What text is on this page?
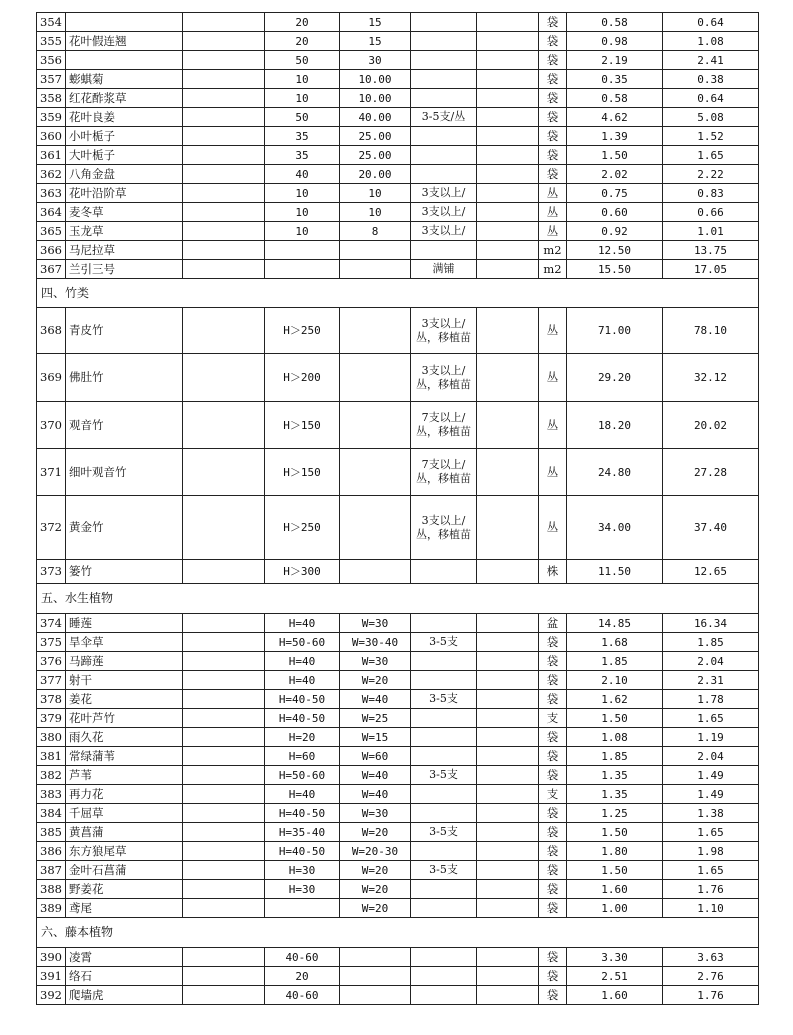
354			20	15			袋	0.58	0.64
355	花叶假连翘		20	15			袋	0.98	1.08
356			50	30			袋	2.19	2.41
357	蟛蜞菊		10	10.00			袋	0.35	0.38
358	红花酢浆草		10	10.00			袋	0.58	0.64
359	花叶良姜		50	40.00	3-5支/丛		袋	4.62	5.08
360	小叶栀子		35	25.00			袋	1.39	1.52
361	大叶栀子		35	25.00			袋	1.50	1.65
362	八角金盘		40	20.00			袋	2.02	2.22
363	花叶沿阶草		10	10	3支以上/		丛	0.75	0.83
364	麦冬草		10	10	3支以上/		丛	0.60	0.66
365	玉龙草		10	8	3支以上/		丛	0.92	1.01
366	马尼拉草						m2	12.50	13.75
367	兰引三号				满铺		m2	15.50	17.05
四、竹类									
368	青皮竹		H＞250		3支以上/丛，移植苗		丛	71.00	78.10
369	佛肚竹		H＞200		3支以上/丛，移植苗		丛	29.20	32.12
370	观音竹		H＞150		7支以上/丛，移植苗		丛	18.20	20.02
371	细叶观音竹		H＞150		7支以上/丛，移植苗		丛	24.80	27.28
372	黄金竹		H＞250		3支以上/丛，移植苗		丛	34.00	37.40
373	篓竹		H＞300				株	11.50	12.65
五、水生植物									
374	睡莲		H=40	W=30			盆	14.85	16.34
375	旱伞草		H=50-60	W=30-40	3-5支		袋	1.68	1.85
376	马蹄莲		H=40	W=30			袋	1.85	2.04
377	射干		H=40	W=20			袋	2.10	2.31
378	姜花		H=40-50	W=40	3-5支		袋	1.62	1.78
379	花叶芦竹		H=40-50	W=25			支	1.50	1.65
380	雨久花		H=20	W=15			袋	1.08	1.19
381	常绿蒲苇		H=60	W=60			袋	1.85	2.04
382	芦苇		H=50-60	W=40	3-5支		袋	1.35	1.49
383	再力花		H=40	W=40			支	1.35	1.49
384	千屈草		H=40-50	W=30			袋	1.25	1.38
385	黄菖蒲		H=35-40	W=20	3-5支		袋	1.50	1.65
386	东方狼尾草		H=40-50	W=20-30			袋	1.80	1.98
387	金叶石菖蒲		H=30	W=20	3-5支		袋	1.50	1.65
388	野姜花		H=30	W=20			袋	1.60	1.76
389	鸢尾			W=20			袋	1.00	1.10
六、藤本植物									
390	凌霄		40-60				袋	3.30	3.63
391	络石		20				袋	2.51	2.76
392	爬墙虎		40-60				袋	1.60	1.76
